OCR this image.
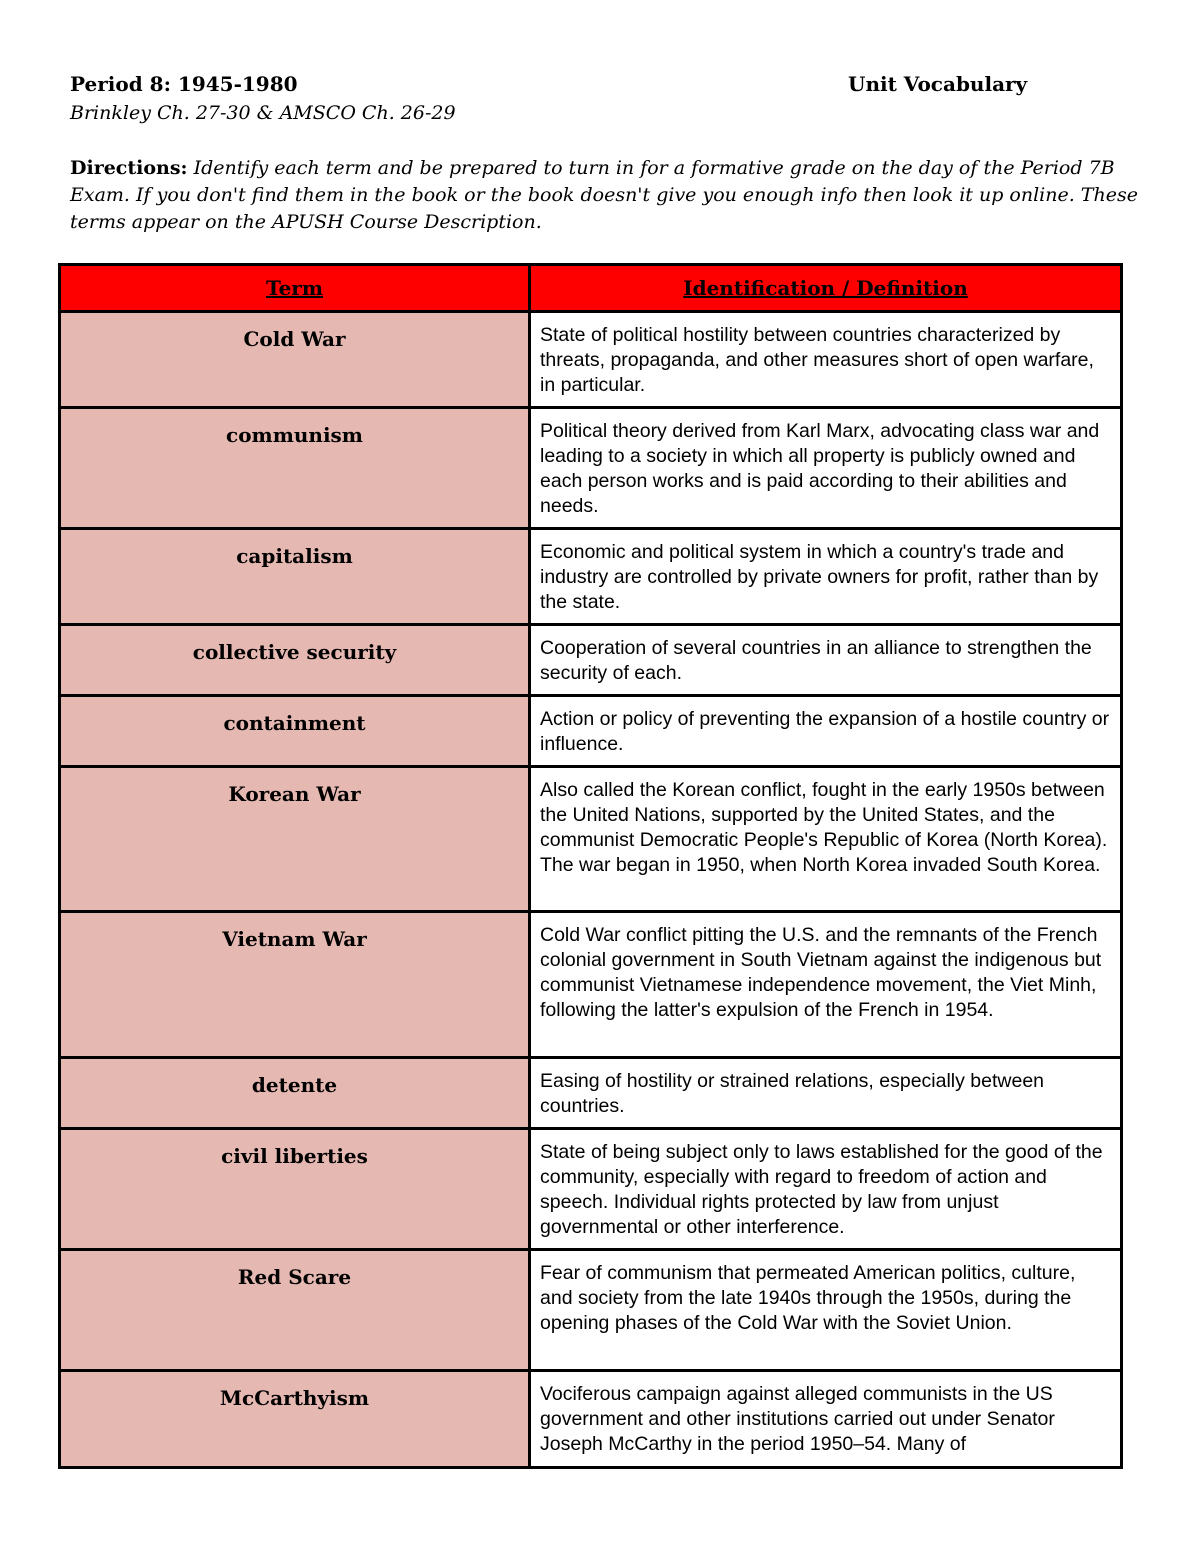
Period 8: 1945-1980	Unit Vocabulary
Brinkley Ch. 27-30 & AMSCO Ch. 26-29
Directions: Identify each term and be prepared to turn in for a formative grade on the day of the Period 7B Exam. If you don't find them in the book or the book doesn't give you enough info then look it up online. These terms appear on the APUSH Course Description.
Term	Identification / Definition
Cold War	State of political hostility between countries characterized by threats, propaganda, and other measures short of open warfare, in particular.
communism	Political theory derived from Karl Marx, advocating class war and leading to a society in which all property is publicly owned and each person works and is paid according to their abilities and needs.
capitalism	Economic and political system in which a country's trade and industry are controlled by private owners for profit, rather than by the state.
collective security	Cooperation of several countries in an alliance to strengthen the security of each.
containment	Action or policy of preventing the expansion of a hostile country or influence.
Korean War	Also called the Korean conflict, fought in the early 1950s between the United Nations, supported by the United States, and the communist Democratic People's Republic of Korea (North Korea). The war began in 1950, when North Korea invaded South Korea.
Vietnam War	Cold War conflict pitting the U.S. and the remnants of the French colonial government in South Vietnam against the indigenous but communist Vietnamese independence movement, the Viet Minh, following the latter's expulsion of the French in 1954.
detente	Easing of hostility or strained relations, especially between countries.
civil liberties	State of being subject only to laws established for the good of the community, especially with regard to freedom of action and speech. Individual rights protected by law from unjust governmental or other interference.
Red Scare	Fear of communism that permeated American politics, culture, and society from the late 1940s through the 1950s, during the opening phases of the Cold War with the Soviet Union.
McCarthyism	Vociferous campaign against alleged communists in the US government and other institutions carried out under Senator Joseph McCarthy in the period 1950–54. Many of
